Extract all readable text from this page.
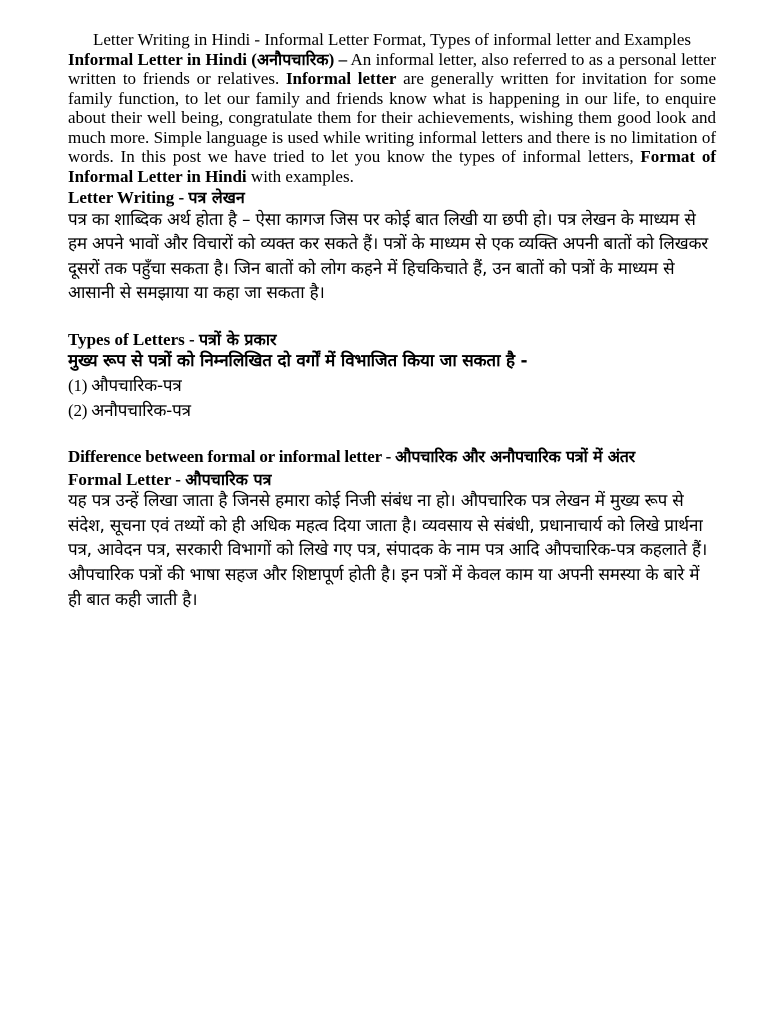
Letter Writing in Hindi - Informal Letter Format, Types of informal letter and Examples

Informal Letter in Hindi (अनौपचारिक) – An informal letter, also referred to as a personal letter written to friends or relatives. Informal letter are generally written for invitation for some family function, to let our family and friends know what is happening in our life, to enquire about their well being, congratulate them for their achievements, wishing them good look and much more. Simple language is used while writing informal letters and there is no limitation of words. In this post we have tried to let you know the types of informal letters, Format of Informal Letter in Hindi with examples.

Letter Writing - पत्र लेखन

पत्र का शाब्दिक अर्थ होता है – ऐसा कागज जिस पर कोई बात लिखी या छपी हो। पत्र लेखन के माध्यम से हम अपने भावों और विचारों को व्यक्त कर सकते हैं। पत्रों के माध्यम से एक व्यक्ति अपनी बातों को लिखकर दूसरों तक पहुँचा सकता है। जिन बातों को लोग कहने में हिचकिचाते हैं, उन बातों को पत्रों के माध्यम से आसानी से समझाया या कहा जा सकता है।

Types of Letters - पत्रों के प्रकार

मुख्य रूप से पत्रों को निम्नलिखित दो वर्गों में विभाजित किया जा सकता है -

(1) औपचारिक-पत्र

(2) अनौपचारिक-पत्र

Difference between formal or informal letter - औपचारिक और अनौपचारिक पत्रों में अंतर

Formal Letter - औपचारिक पत्र

यह पत्र उन्हें लिखा जाता है जिनसे हमारा कोई निजी संबंध ना हो। औपचारिक पत्र लेखन में मुख्य रूप से संदेश, सूचना एवं तथ्यों को ही अधिक महत्व दिया जाता है। व्यवसाय से संबंधी, प्रधानाचार्य को लिखे प्रार्थना पत्र, आवेदन पत्र, सरकारी विभागों को लिखे गए पत्र, संपादक के नाम पत्र आदि औपचारिक-पत्र कहलाते हैं। औपचारिक पत्रों की भाषा सहज और शिष्टापूर्ण होती है। इन पत्रों में केवल काम या अपनी समस्या के बारे में ही बात कही जाती है।
